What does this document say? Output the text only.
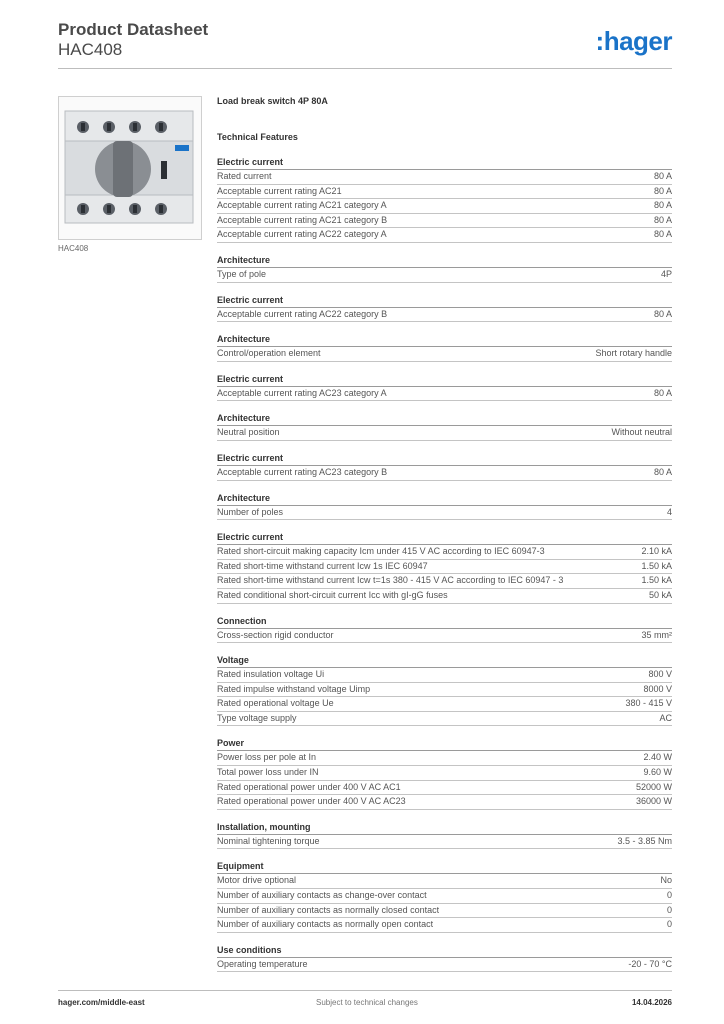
Product Datasheet
HAC408	:hager
HAC408
Load break switch 4P 80A
Technical Features
Electric current
Rated current	80 A
Acceptable current rating AC21	80 A
Acceptable current rating AC21 category A	80 A
Acceptable current rating AC21 category B	80 A
Acceptable current rating AC22 category A	80 A
Architecture
Type of pole	4P
Electric current
Acceptable current rating AC22 category B	80 A
Architecture
Control/operation element	Short rotary handle
Electric current
Acceptable current rating AC23 category A	80 A
Architecture
Neutral position	Without neutral
Electric current
Acceptable current rating AC23 category B	80 A
Architecture
Number of poles	4
Electric current
Rated short-circuit making capacity Icm under 415 V AC according to IEC 60947-3	2.10 kA
Rated short-time withstand current Icw 1s IEC 60947	1.50 kA
Rated short-time withstand current Icw t=1s 380 - 415 V AC according to IEC 60947 - 3	1.50 kA
Rated conditional short-circuit current Icc with gI-gG fuses	50 kA
Connection
Cross-section rigid conductor	35 mm²
Voltage
Rated insulation voltage Ui	800 V
Rated impulse withstand voltage Uimp	8000 V
Rated operational voltage Ue	380 - 415 V
Type voltage supply	AC
Power
Power loss per pole at In	2.40 W
Total power loss under IN	9.60 W
Rated operational power under 400 V AC AC1	52000 W
Rated operational power under 400 V AC AC23	36000 W
Installation, mounting
Nominal tightening torque	3.5 - 3.85 Nm
Equipment
Motor drive optional	No
Number of auxiliary contacts as change-over contact	0
Number of auxiliary contacts as normally closed contact	0
Number of auxiliary contacts as normally open contact	0
Use conditions
Operating temperature	-20 - 70 °C
hager.com/middle-east	Subject to technical changes	14.04.2026
